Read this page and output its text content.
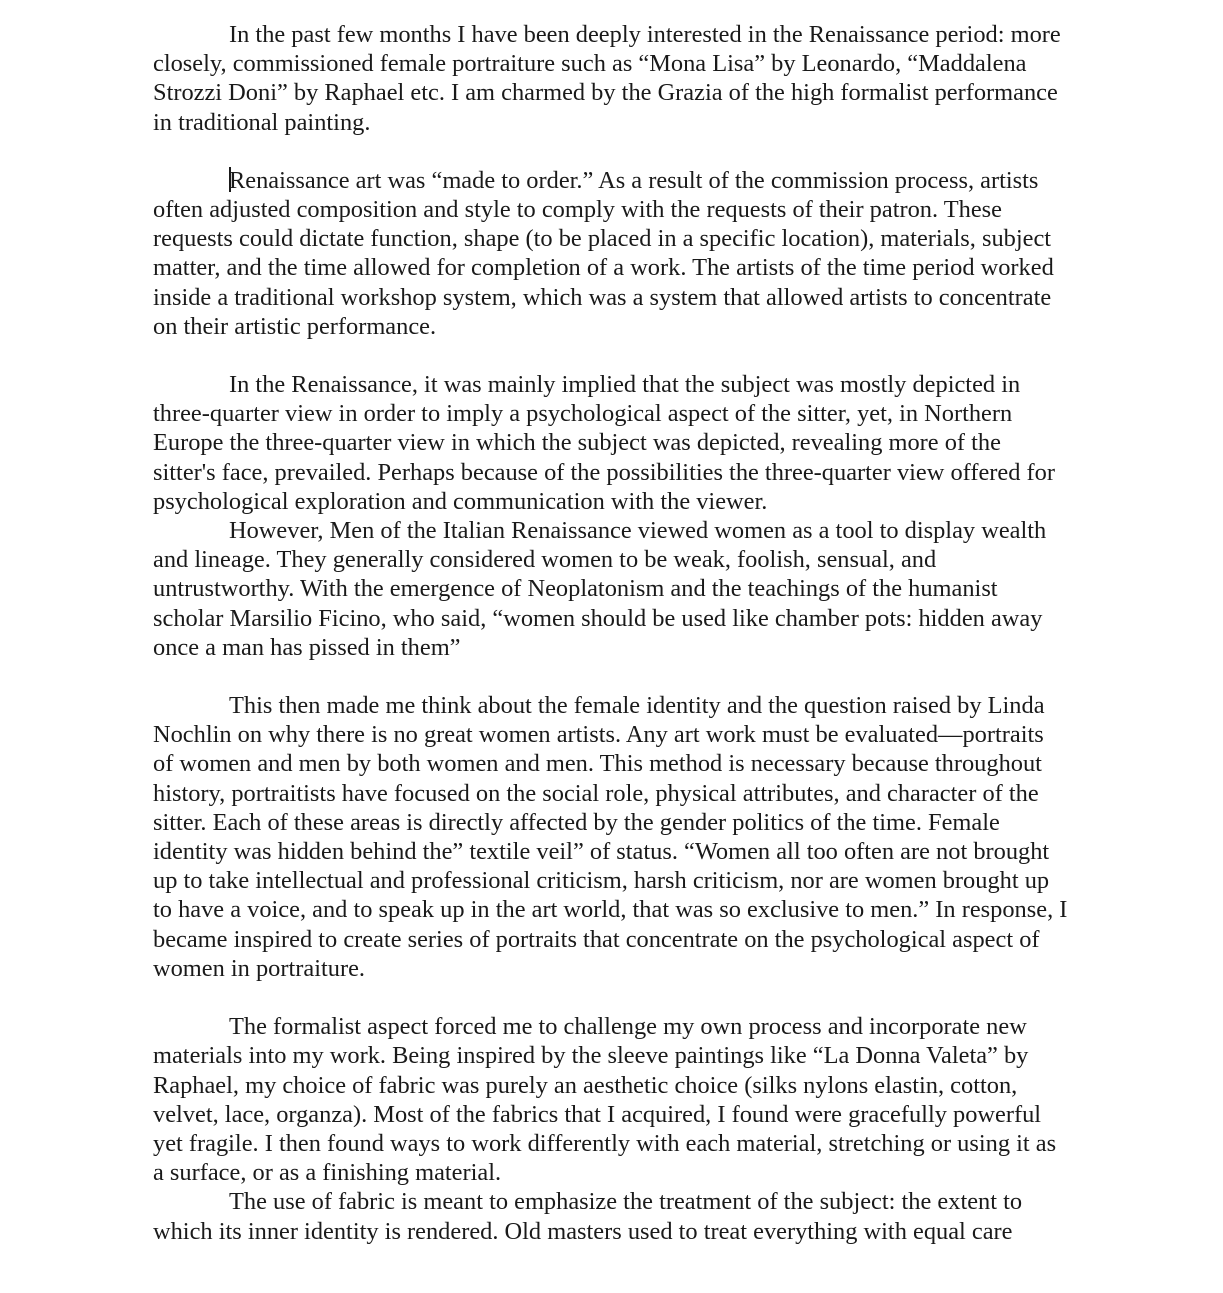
In the past few months I have been deeply interested in the Renaissance period: more closely, commissioned female portraiture such as “Mona Lisa” by Leonardo, “Maddalena Strozzi Doni” by Raphael etc. I am charmed by the Grazia of the high formalist performance in traditional painting.

Renaissance art was “made to order.” As a result of the commission process, artists often adjusted composition and style to comply with the requests of their patron. These requests could dictate function, shape (to be placed in a specific location), materials, subject matter, and the time allowed for completion of a work. The artists of the time period worked inside a traditional workshop system, which was a system that allowed artists to concentrate on their artistic performance.

In the Renaissance, it was mainly implied that the subject was mostly depicted in three-quarter view in order to imply a psychological aspect of the sitter, yet, in Northern Europe the three-quarter view in which the subject was depicted, revealing more of the sitter's face, prevailed. Perhaps because of the possibilities the three-quarter view offered for psychological exploration and communication with the viewer.

However, Men of the Italian Renaissance viewed women as a tool to display wealth and lineage. They generally considered women to be weak, foolish, sensual, and untrustworthy. With the emergence of Neoplatonism and the teachings of the humanist scholar Marsilio Ficino, who said, “women should be used like chamber pots: hidden away once a man has pissed in them”

This then made me think about the female identity and the question raised by Linda Nochlin on why there is no great women artists. Any art work must be evaluated—portraits of women and men by both women and men. This method is necessary because throughout history, portraitists have focused on the social role, physical attributes, and character of the sitter. Each of these areas is directly affected by the gender politics of the time. Female identity was hidden behind the” textile veil” of status. “Women all too often are not brought up to take intellectual and professional criticism, harsh criticism, nor are women brought up to have a voice, and to speak up in the art world, that was so exclusive to men.” In response, I became inspired to create series of portraits that concentrate on the psychological aspect of women in portraiture.

The formalist aspect forced me to challenge my own process and incorporate new materials into my work. Being inspired by the sleeve paintings like “La Donna Valeta” by Raphael, my choice of fabric was purely an aesthetic choice (silks nylons elastin, cotton, velvet, lace, organza). Most of the fabrics that I acquired, I found were gracefully powerful yet fragile. I then found ways to work differently with each material, stretching or using it as a surface, or as a finishing material.

The use of fabric is meant to emphasize the treatment of the subject: the extent to which its inner identity is rendered. Old masters used to treat everything with equal care
